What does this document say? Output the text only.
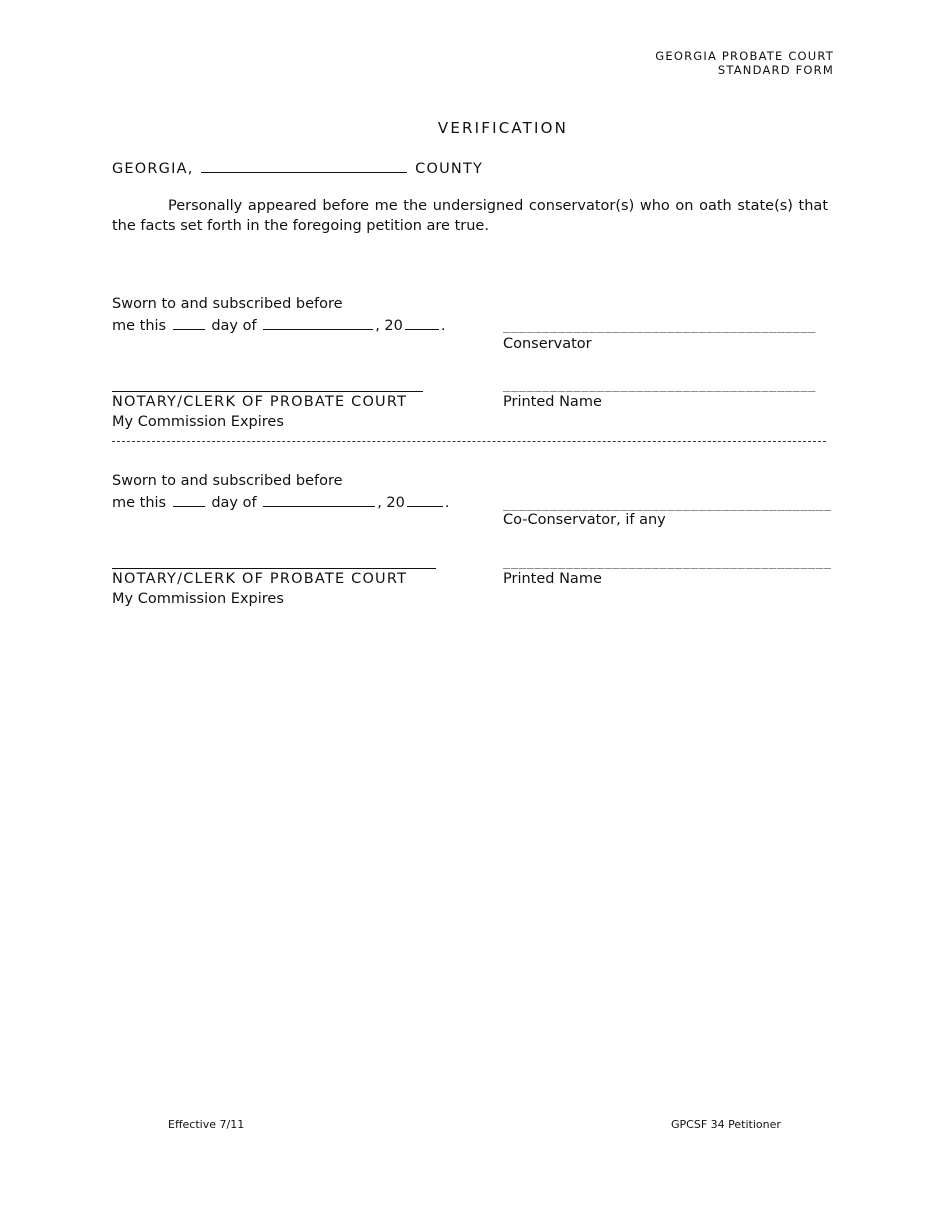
GEORGIA PROBATE COURT
STANDARD FORM
VERIFICATION
GEORGIA,	COUNTY
Personally appeared before me the undersigned conservator(s) who on oath state(s) that the facts set forth in the foregoing petition are true.
Sworn to and subscribed before
me this	day of	, 20	.	________________________________________
Conservator
________________________________________
NOTARY/CLERK OF PROBATE COURT	Printed Name
My Commission Expires
Sworn to and subscribed before
me this	day of	, 20	.	__________________________________________
Co-Conservator, if any
__________________________________________
NOTARY/CLERK OF PROBATE COURT	Printed Name
My Commission Expires
Effective 7/11	GPCSF 34 Petitioner
